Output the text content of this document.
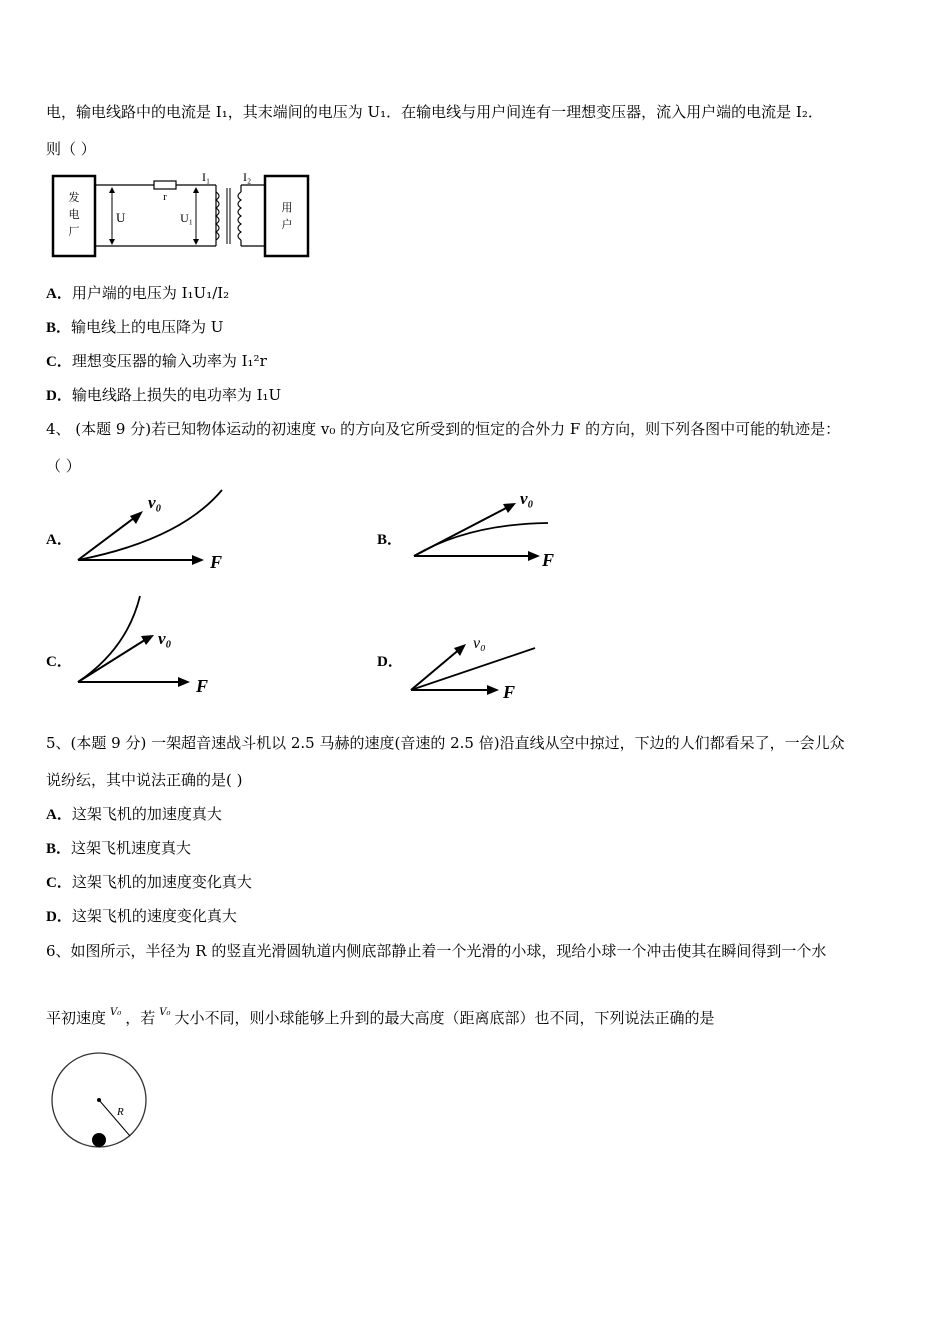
电，输电线路中的电流是 I₁，其末端间的电压为 U₁．在输电线与用户间连有一理想变压器，流入用户端的电流是 I₂．
则（ ）
发
电
厂
r
U	U₁
I₁	I₂
用
户
A．用户端的电压为 I₁U₁/I₂
B．输电线上的电压降为 U
C．理想变压器的输入功率为 I₁²r
D．输电线路上损失的电功率为 I₁U
4、 (本题 9 分)若已知物体运动的初速度 v₀ 的方向及它所受到的恒定的合外力 F 的方向，则下列各图中可能的轨迹是：
（ ）
A．
F
v₀
B．
F
v₀
C．
F
v₀
D．
F
v₀
5、(本题 9 分) 一架超音速战斗机以 2.5 马赫的速度(音速的 2.5 倍)沿直线从空中掠过，下边的人们都看呆了，一会儿众
说纷纭，其中说法正确的是( )
A．这架飞机的加速度真大
B．这架飞机速度真大
C．这架飞机的加速度变化真大
D．这架飞机的速度变化真大
6、如图所示，半径为 R 的竖直光滑圆轨道内侧底部静止着一个光滑的小球，现给小球一个冲击使其在瞬间得到一个水
平初速度 $^{V_0}$ ，若 $^{V_0}$ 大小不同，则小球能够上升到的最大高度（距离底部）也不同，下列说法正确的是
R
